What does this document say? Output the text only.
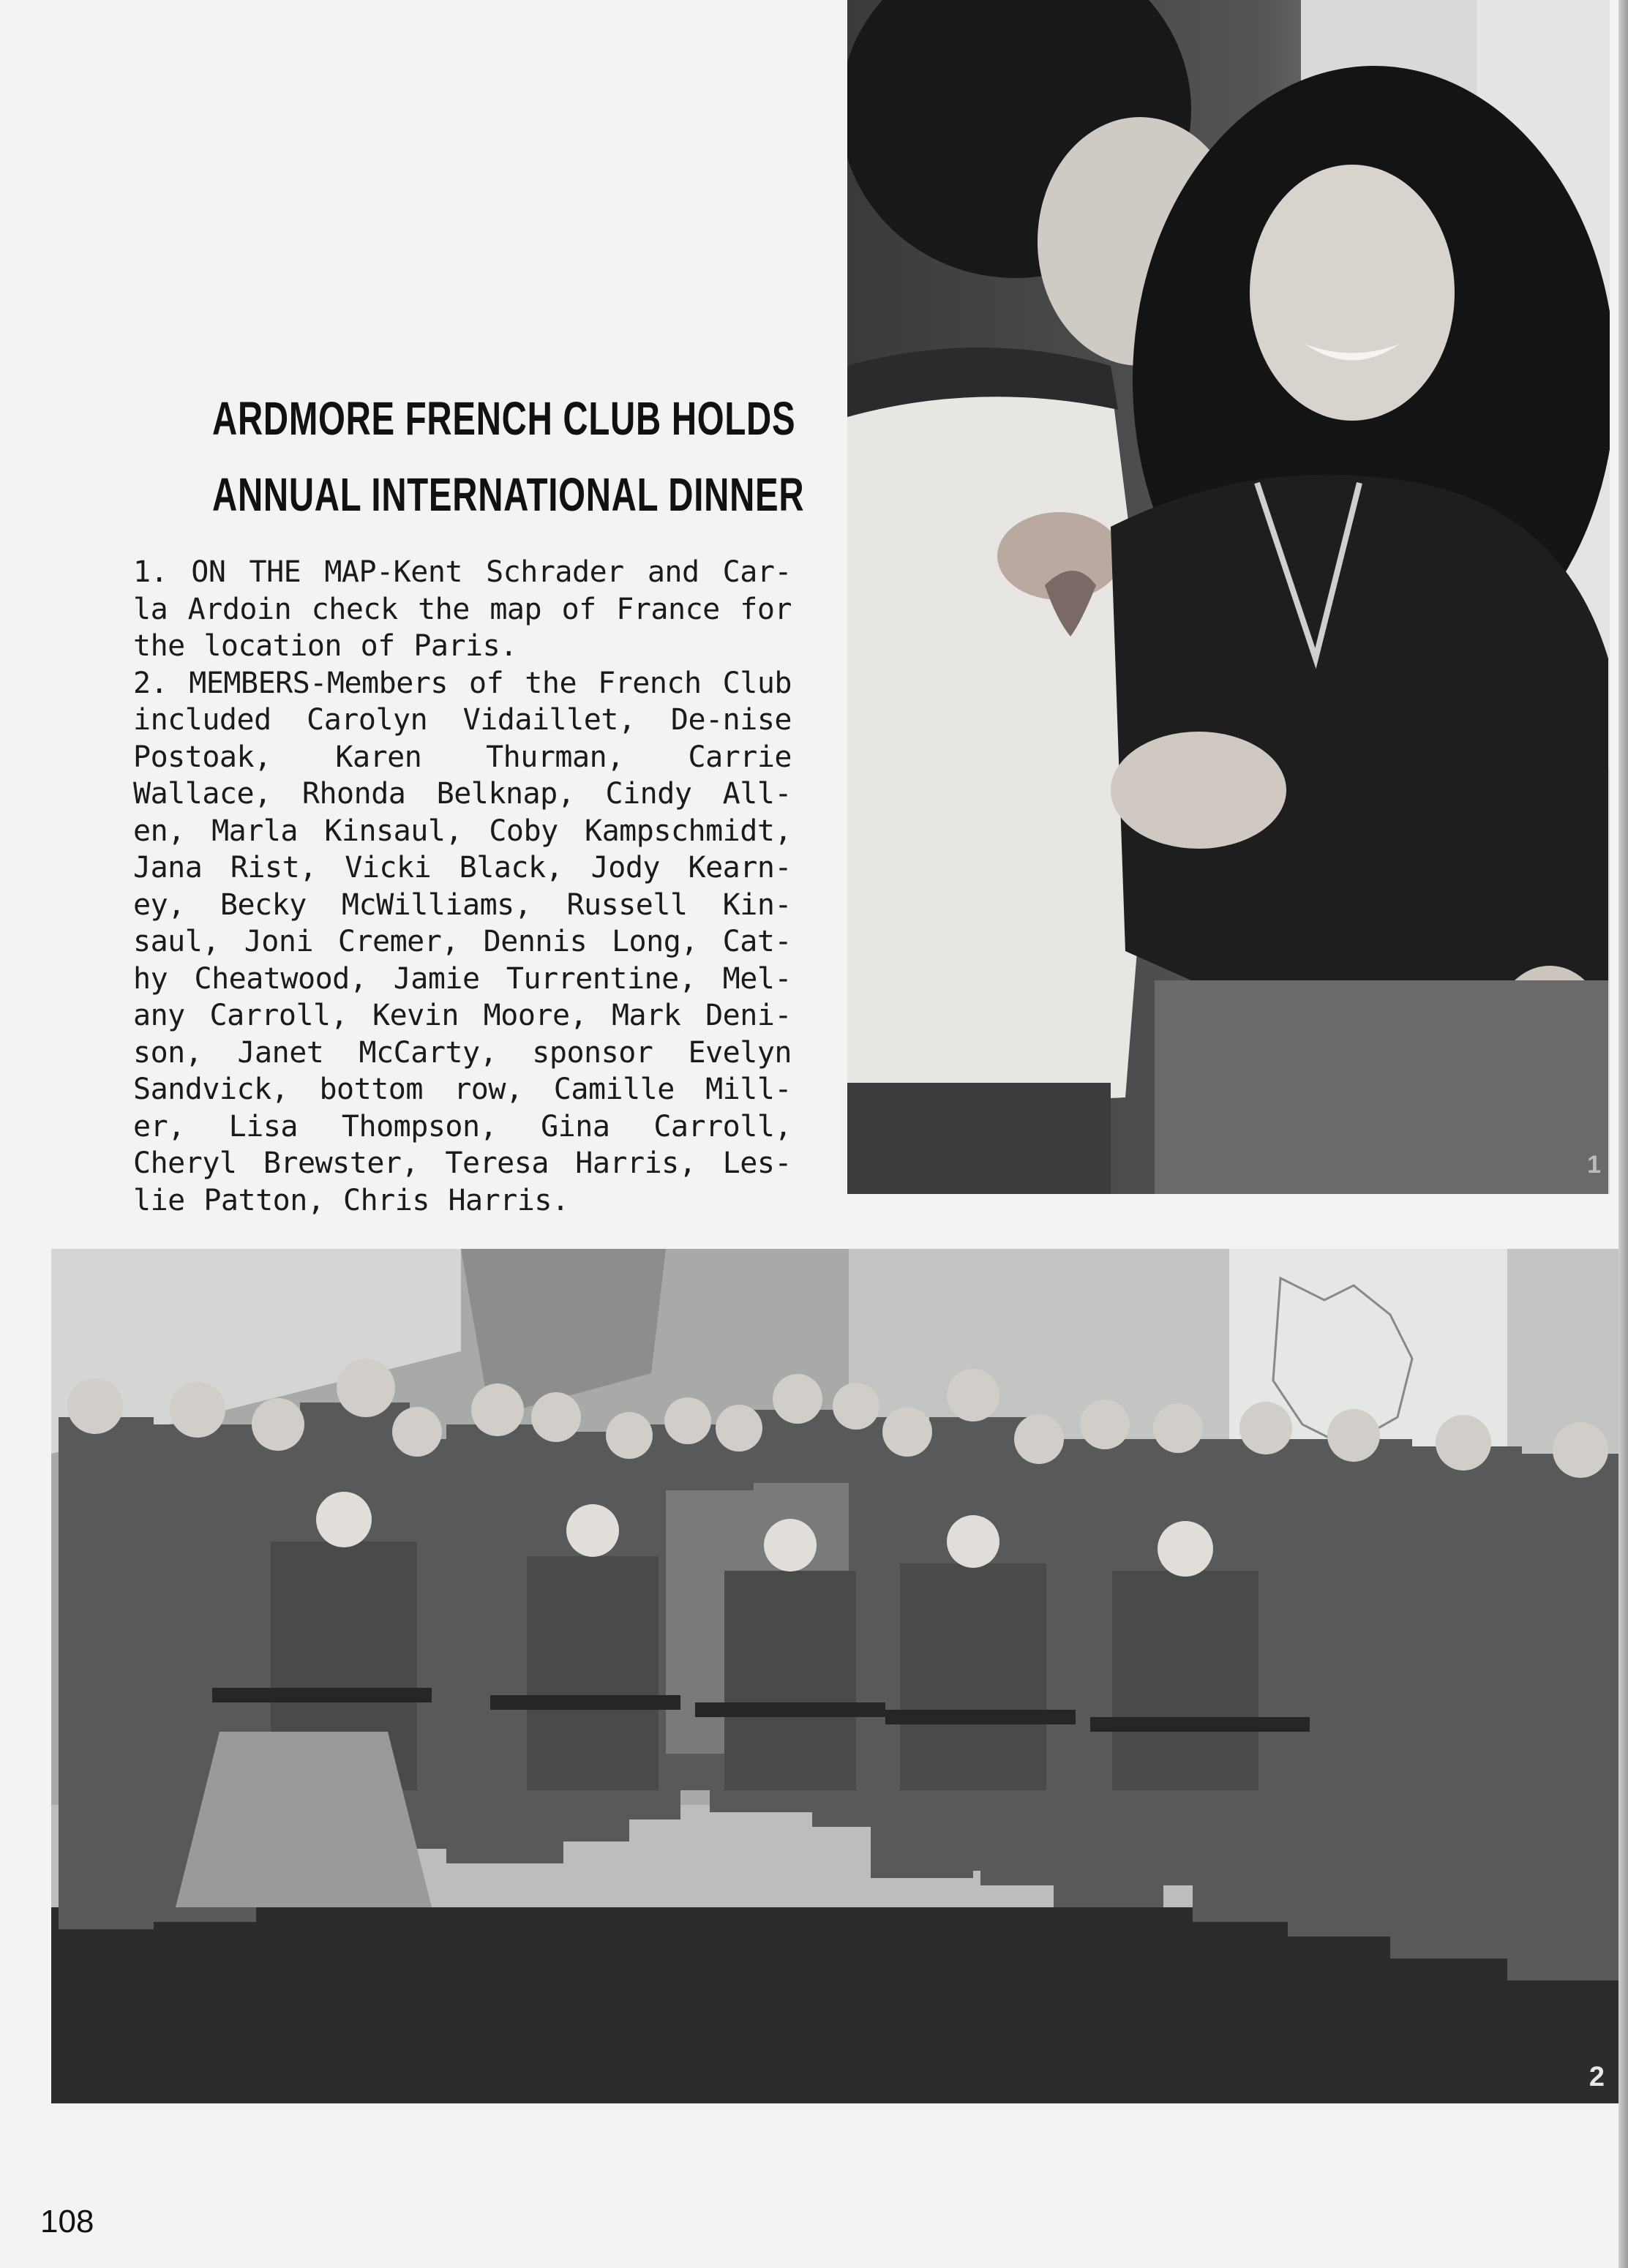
ARDMORE FRENCH CLUB HOLDS
ANNUAL INTERNATIONAL DINNER
1. ON THE MAP-Kent Schrader and Car-la Ardoin check the map of France for the location of Paris.
2. MEMBERS-Members of the French Club included Carolyn Vidaillet, De-nise Postoak, Karen Thurman, Carrie Wallace, Rhonda Belknap, Cindy All-en, Marla Kinsaul, Coby Kampschmidt, Jana Rist, Vicki Black, Jody Kearn-ey, Becky McWilliams, Russell Kin-saul, Joni Cremer, Dennis Long, Cat-hy Cheatwood, Jamie Turrentine, Mel-any Carroll, Kevin Moore, Mark Deni-son, Janet McCarty, sponsor Evelyn Sandvick, bottom row, Camille Mill-er, Lisa Thompson, Gina Carroll, Cheryl Brewster, Teresa Harris, Les-lie Patton, Chris Harris.
1
2
108
